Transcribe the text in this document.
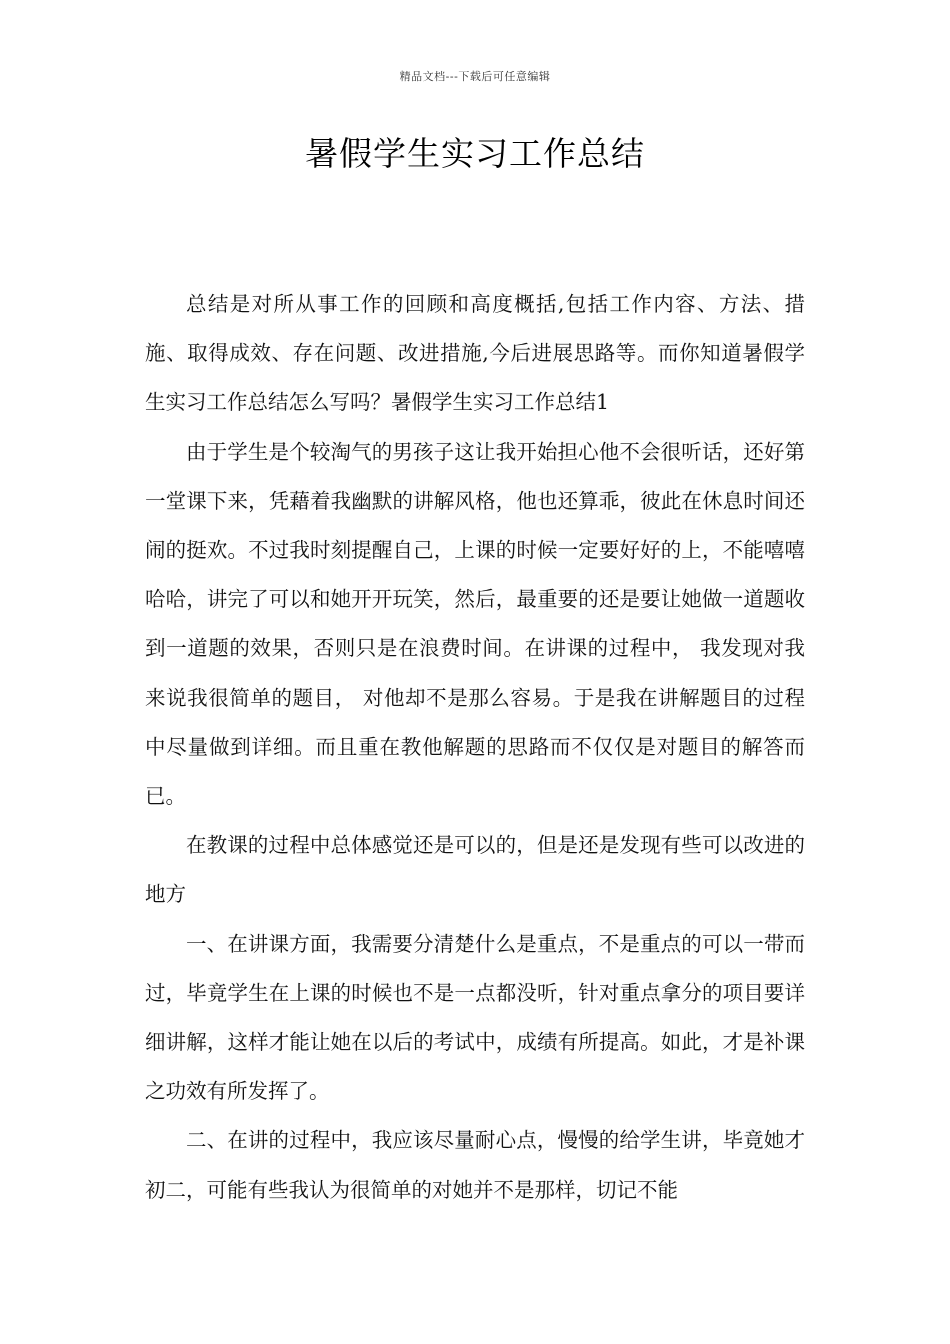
精品文档---下载后可任意编辑
暑假学生实习工作总结

总结是对所从事工作的回顾和高度概括,包括工作内容、方法、措施、取得成效、存在问题、改进措施,今后进展思路等。而你知道暑假学生实习工作总结怎么写吗？暑假学生实习工作总结1

由于学生是个较淘气的男孩子这让我开始担心他不会很听话，还好第一堂课下来，凭藉着我幽默的讲解风格，他也还算乖，彼此在休息时间还闹的挺欢。不过我时刻提醒自己，上课的时候一定要好好的上，不能嘻嘻哈哈，讲完了可以和她开开玩笑，然后，最重要的还是要让她做一道题收到一道题的效果，否则只是在浪费时间。在讲课的过程中， 我发现对我来说我很简单的题目， 对他却不是那么容易。于是我在讲解题目的过程中尽量做到详细。而且重在教他解题的思路而不仅仅是对题目的解答而已。

在教课的过程中总体感觉还是可以的，但是还是发现有些可以改进的地方

一、在讲课方面，我需要分清楚什么是重点，不是重点的可以一带而过，毕竟学生在上课的时候也不是一点都没听，针对重点拿分的项目要详细讲解，这样才能让她在以后的考试中，成绩有所提高。如此，才是补课之功效有所发挥了。

二、在讲的过程中，我应该尽量耐心点，慢慢的给学生讲，毕竟她才初二，可能有些我认为很简单的对她并不是那样，切记不能
